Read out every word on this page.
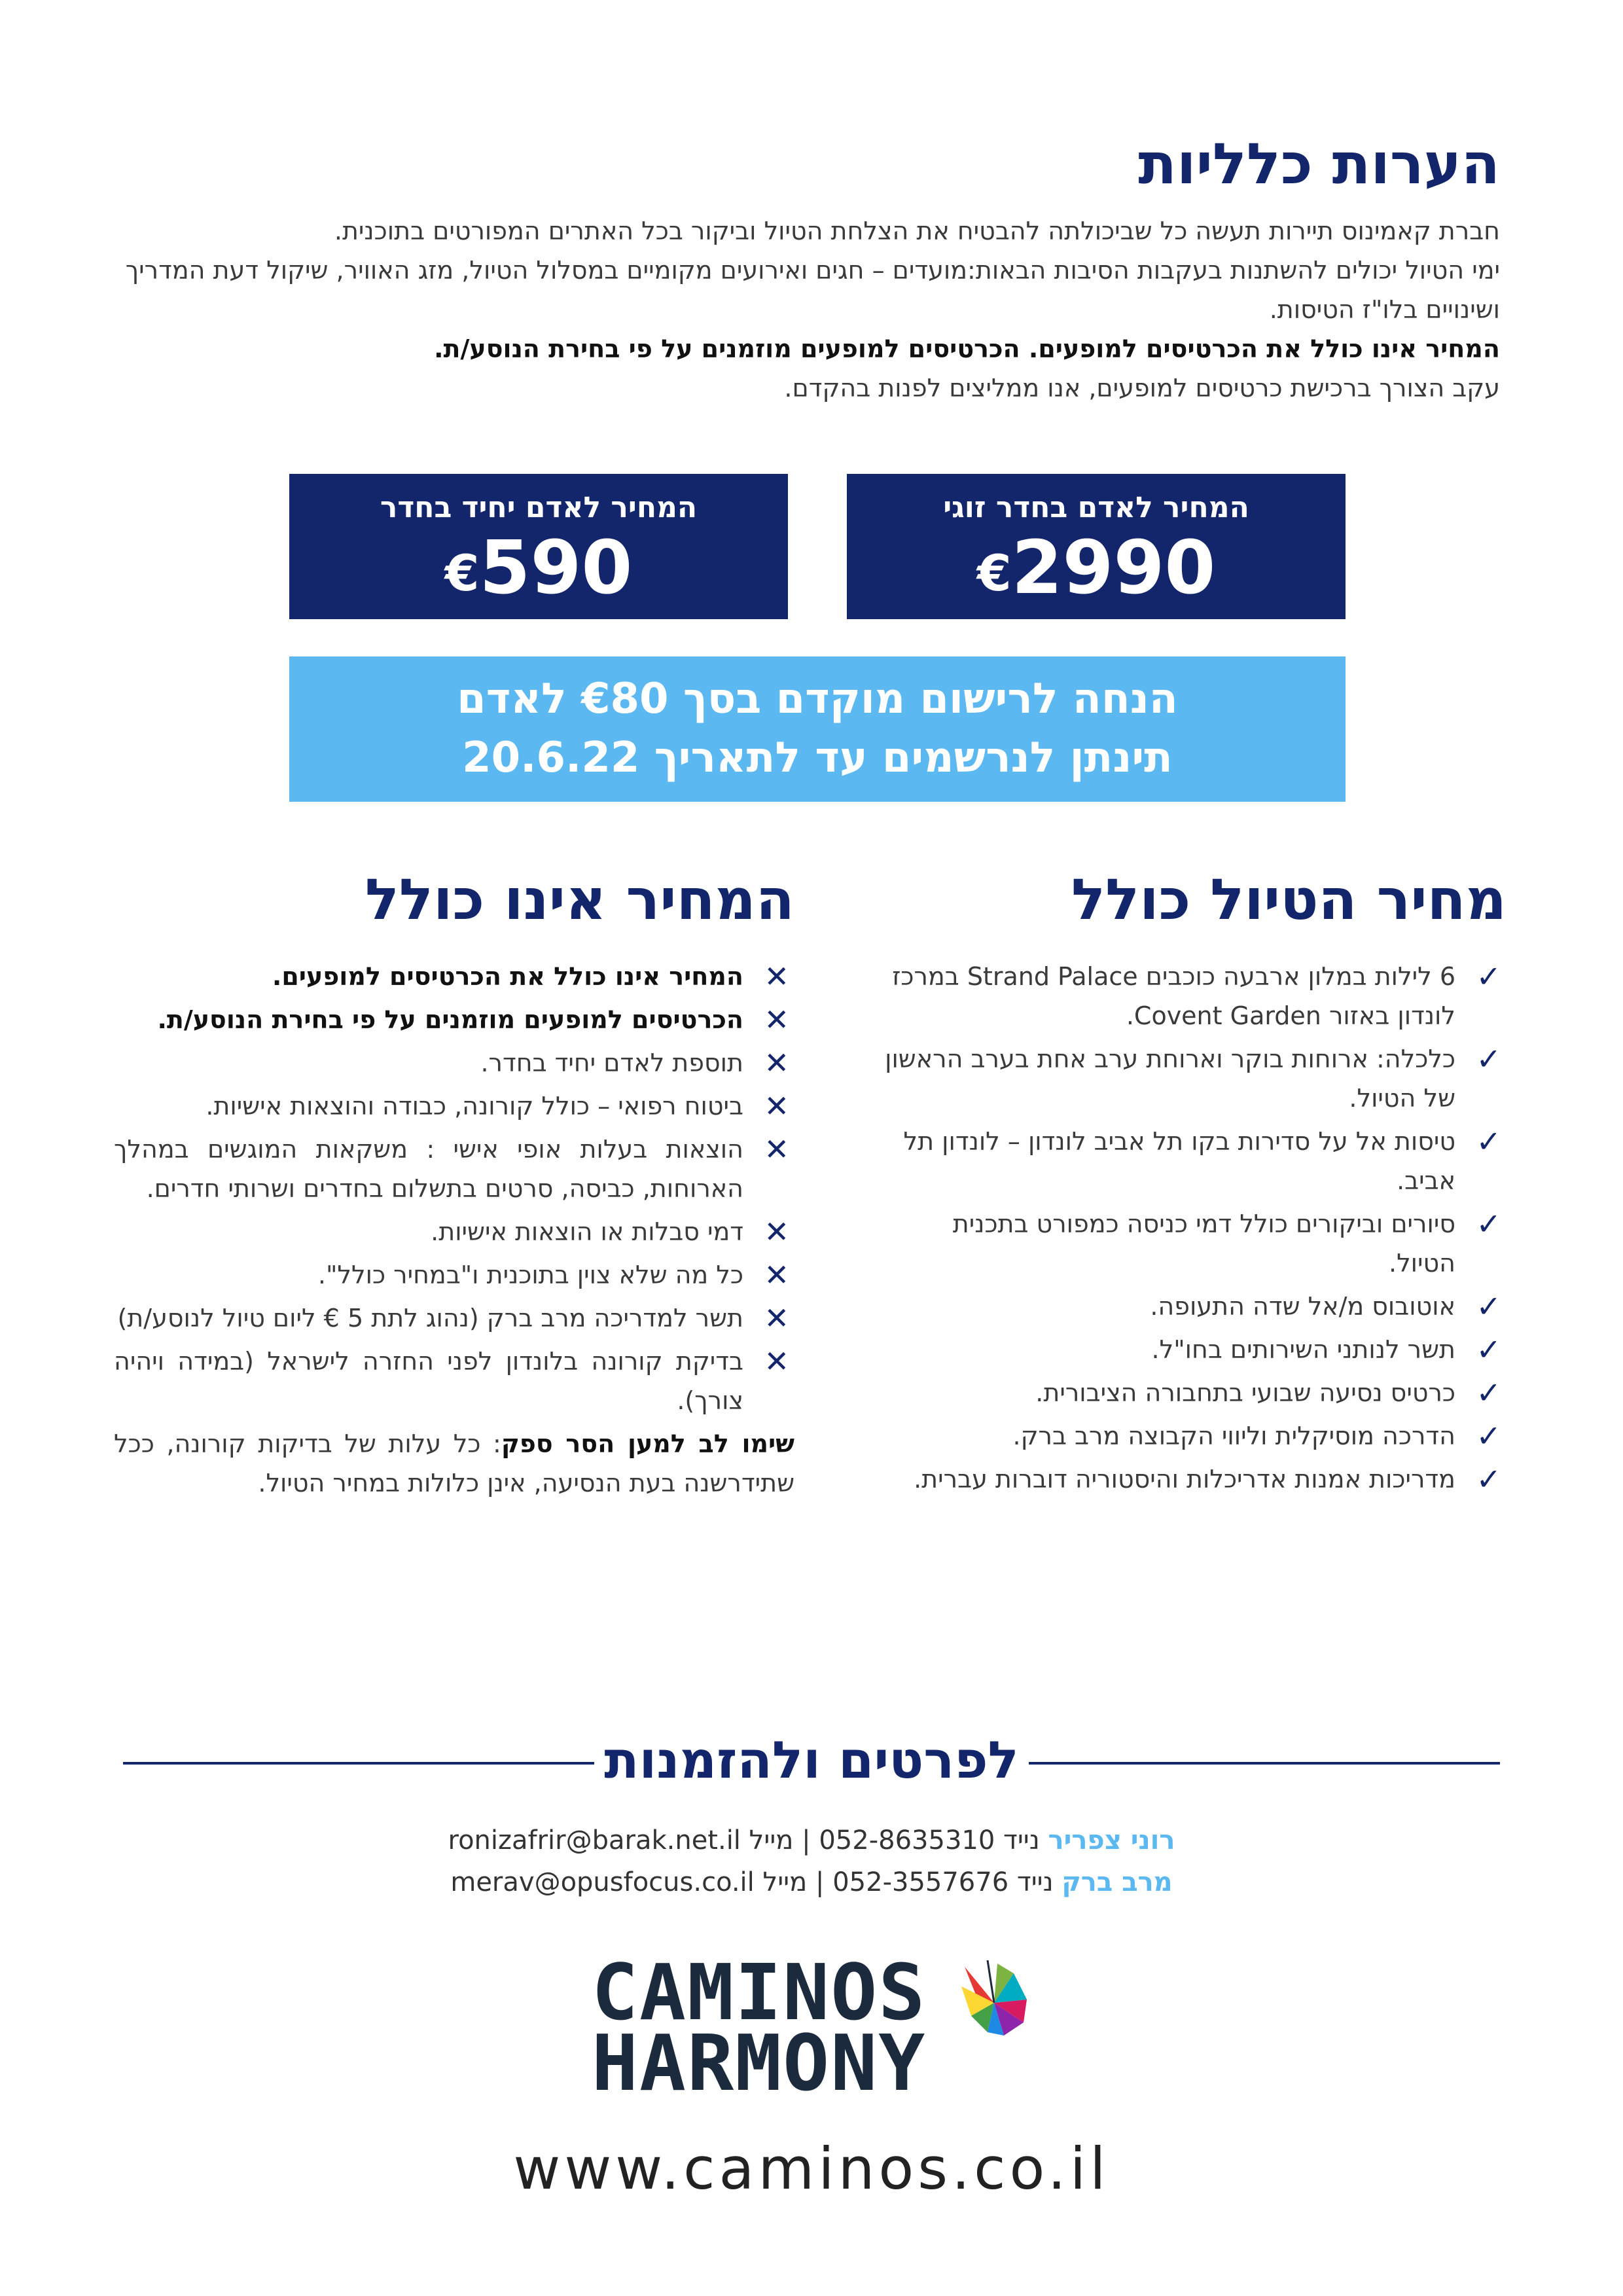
הערות כלליות

חברת קאמינוס תיירות תעשה כל שביכולתה להבטיח את הצלחת הטיול וביקור בכל האתרים המפורטים בתוכנית.

ימי הטיול יכולים להשתנות בעקבות הסיבות הבאות:מועדים – חגים ואירועים מקומיים במסלול הטיול, מזג האוויר, שיקול דעת המדריך ושינויים בלו"ז הטיסות.

המחיר אינו כולל את הכרטיסים למופעים. הכרטיסים למופעים מוזמנים על פי בחירת הנוסע/ת.

עקב הצורך ברכישת כרטיסים למופעים, אנו ממליצים לפנות בהקדם.

המחיר לאדם בחדר זוגי
€2990
המחיר לאדם יחיד בחדר
€590
הנחה לרישום מוקדם בסך €80 לאדם
תינתן לנרשמים עד לתאריך 20.6.22
מחיר הטיול כולל
✓
6 לילות במלון ארבעה כוכבים Strand Palace במרכז לונדון באזור Covent Garden.
✓
כלכלה: ארוחות בוקר וארוחת ערב אחת בערב הראשון של הטיול.
✓
טיסות אל על סדירות בקו תל אביב לונדון – לונדון תל אביב.
✓
סיורים וביקורים כולל דמי כניסה כמפורט בתכנית הטיול.
✓
אוטובוס מ/אל שדה התעופה.
✓
תשר לנותני השירותים בחו"ל.
✓
כרטיס נסיעה שבועי בתחבורה הציבורית.
✓
הדרכה מוסיקלית וליווי הקבוצה מרב ברק.
✓
מדריכות אמנות אדריכלות והיסטוריה דוברות עברית.
המחיר אינו כולל
✕
המחיר אינו כולל את הכרטיסים למופעים.
✕
הכרטיסים למופעים מוזמנים על פי בחירת הנוסע/ת.
✕
תוספת לאדם יחיד בחדר.
✕
ביטוח רפואי – כולל קורונה, כבודה והוצאות אישיות.
✕
הוצאות בעלות אופי אישי : משקאות המוגשים במהלך הארוחות, כביסה, סרטים בתשלום בחדרים ושרותי חדרים.
✕
דמי סבלות או הוצאות אישיות.
✕
כל מה שלא צוין בתוכנית ו"במחיר כולל".
✕
תשר למדריכה מרב ברק (נהוג לתת 5 € ליום טיול לנוסע/ת)
✕
בדיקת קורונה בלונדון לפני החזרה לישראל (במידה ויהיה צורך).
שימו לב למען הסר ספק: כל עלות של בדיקות קורונה, ככל שתידרשנה בעת הנסיעה, אינן כלולות במחיר הטיול.
לפרטים ולהזמנות
רוני צפריר נייד 052-8635310 | מייל ronizafrir@barak.net.il
מרב ברק נייד 052-3557676 | מייל merav@opusfocus.co.il
CAMINOS
HARMONY
www.caminos.co.il
